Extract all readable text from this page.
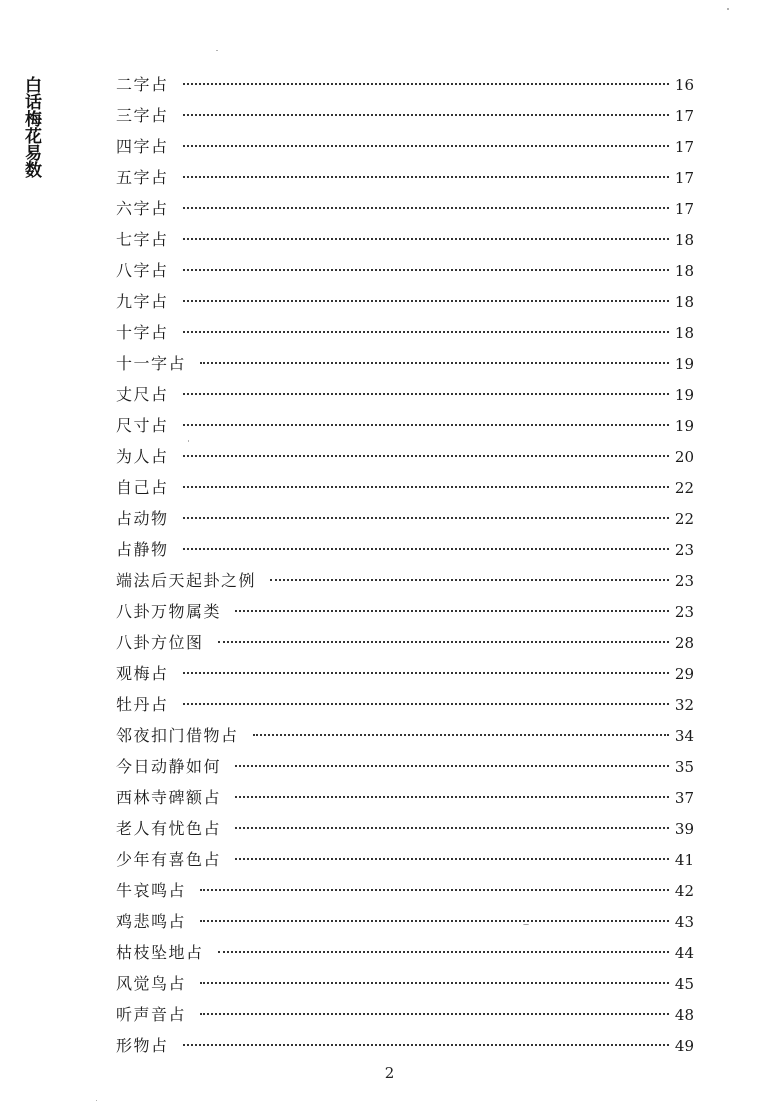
白话梅花易数	二字占	16
三字占	17
四字占	17
五字占	17
六字占	17
七字占	18
八字占	18
九字占	18
十字占	18
十一字占	19
丈尺占	19
尺寸占	19
为人占	20
自己占	22
占动物	22
占静物	23
端法后天起卦之例	23
八卦万物属类	23
八卦方位图	28
观梅占	29
牡丹占	32
邻夜扣门借物占	34
今日动静如何	35
西林寺碑额占	37
老人有忧色占	39
少年有喜色占	41
牛哀鸣占	42
鸡悲鸣占	43
枯枝坠地占	44
风觉鸟占	45
听声音占	48
形物占	49
2
